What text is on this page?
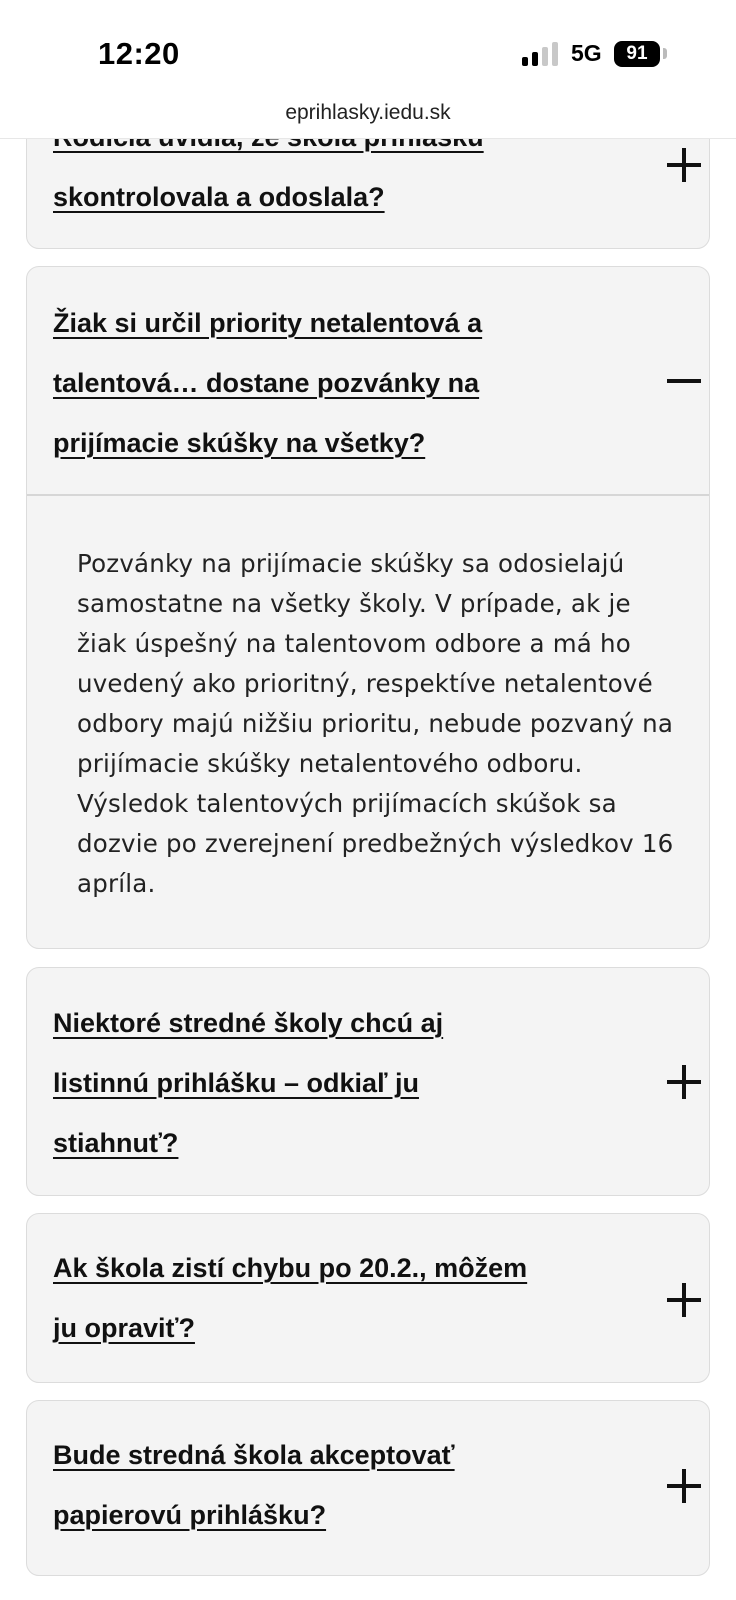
skontrolovala a odoslala?
Žiak si určil priority netalentová a
talentová… dostane pozvánky na
prijímacie skúšky na všetky?
Pozvánky na prijímacie skúšky sa odosielajú samostatne na všetky školy. V prípade, ak je žiak úspešný na talentovom odbore a má ho uvedený ako prioritný, respektíve netalentové odbory majú nižšiu prioritu, nebude pozvaný na prijímacie skúšky netalentového odboru. Výsledok talentových prijímacích skúšok sa dozvie po zverejnení predbežných výsledkov 16 apríla.
Niektoré stredné školy chcú aj
listinnú prihlášku – odkiaľ ju
stiahnuť?
Ak škola zistí chybu po 20.2., môžem
ju opraviť?
Bude stredná škola akceptovať
papierovú prihlášku?
12:20	5G	91
eprihlasky.iedu.sk
